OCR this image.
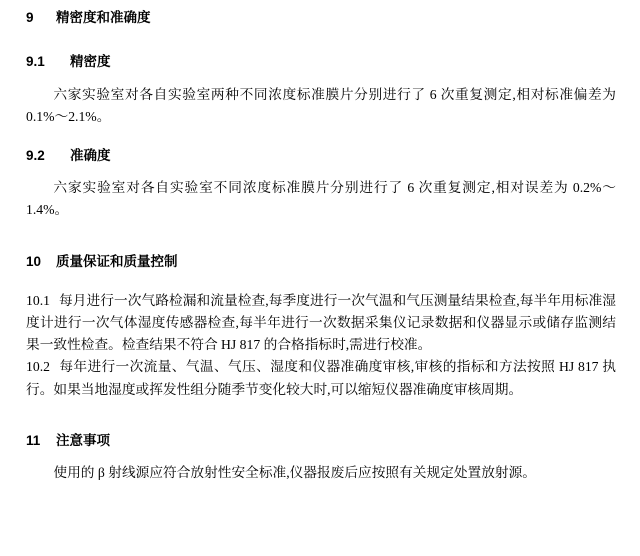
9 精密度和准确度
9.1 精密度

六家实验室对各自实验室两种不同浓度标准膜片分别进行了 6 次重复测定,相对标准偏差为 0.1%～2.1%。

9.2 准确度

六家实验室对各自实验室不同浓度标准膜片分别进行了 6 次重复测定,相对误差为 0.2%～1.4%。

10 质量保证和质量控制

10.1 每月进行一次气路检漏和流量检查,每季度进行一次气温和气压测量结果检查,每半年用标准湿度计进行一次气体湿度传感器检查,每半年进行一次数据采集仪记录数据和仪器显示或储存监测结果一致性检查。检查结果不符合 HJ 817 的合格指标时,需进行校准。

10.2 每年进行一次流量、气温、气压、湿度和仪器准确度审核,审核的指标和方法按照 HJ 817 执行。如果当地湿度或挥发性组分随季节变化较大时,可以缩短仪器准确度审核周期。

11 注意事项

使用的 β 射线源应符合放射性安全标准,仪器报废后应按照有关规定处置放射源。
